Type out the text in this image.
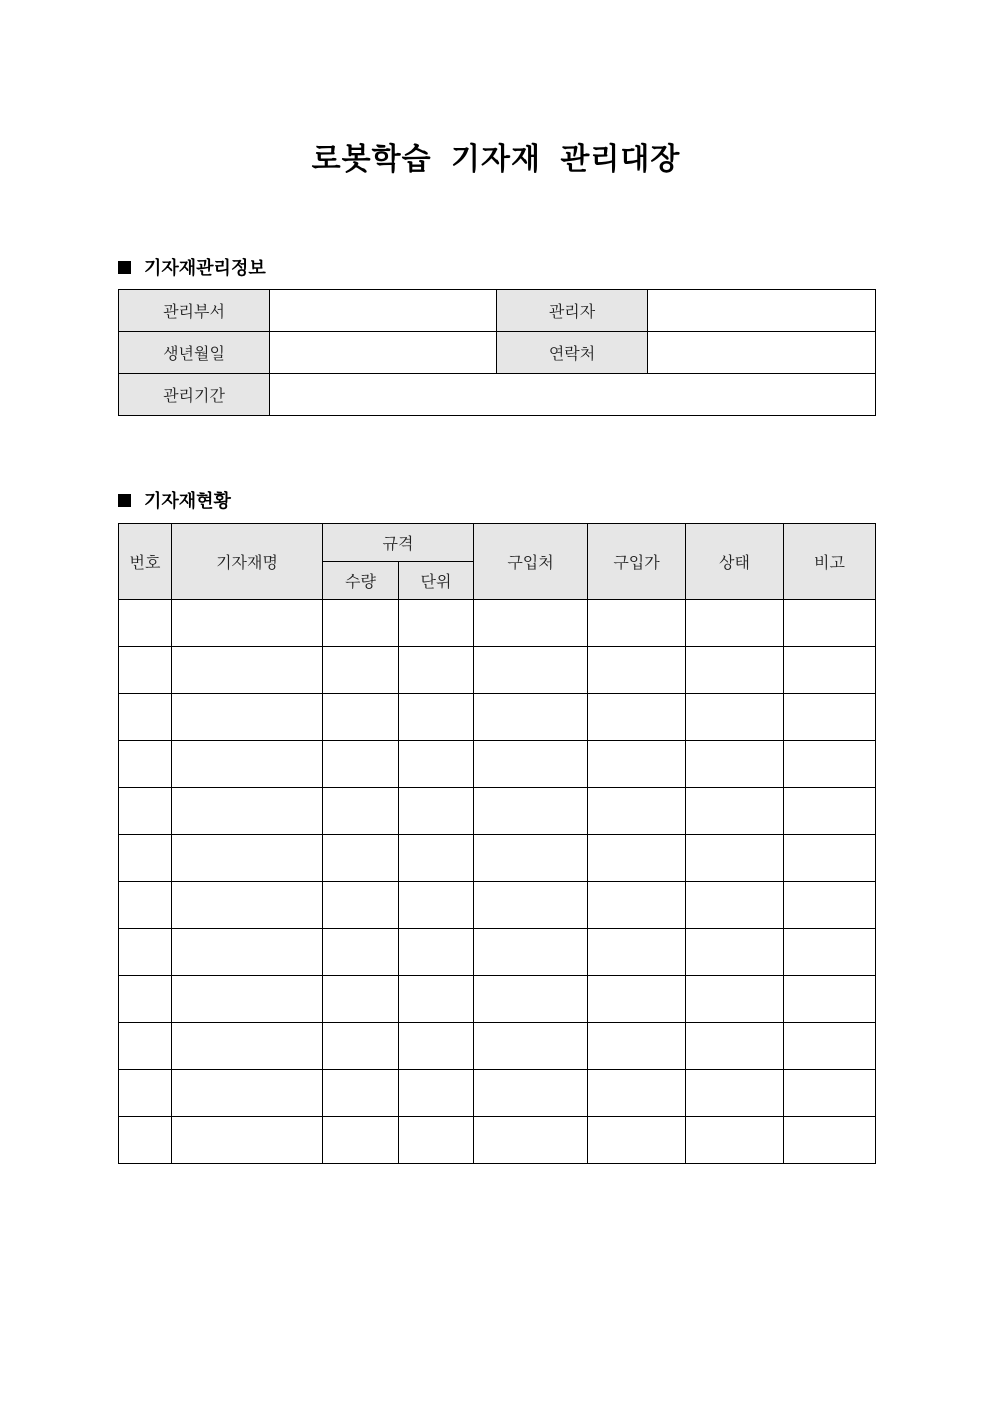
로봇학습 기자재 관리대장
기자재관리정보
관리부서		관리자	
생년월일		연락처	
관리기간			
기자재현황
번호	기자재명	규격		구입처	구입가	상태	비고
		수량	단위				
